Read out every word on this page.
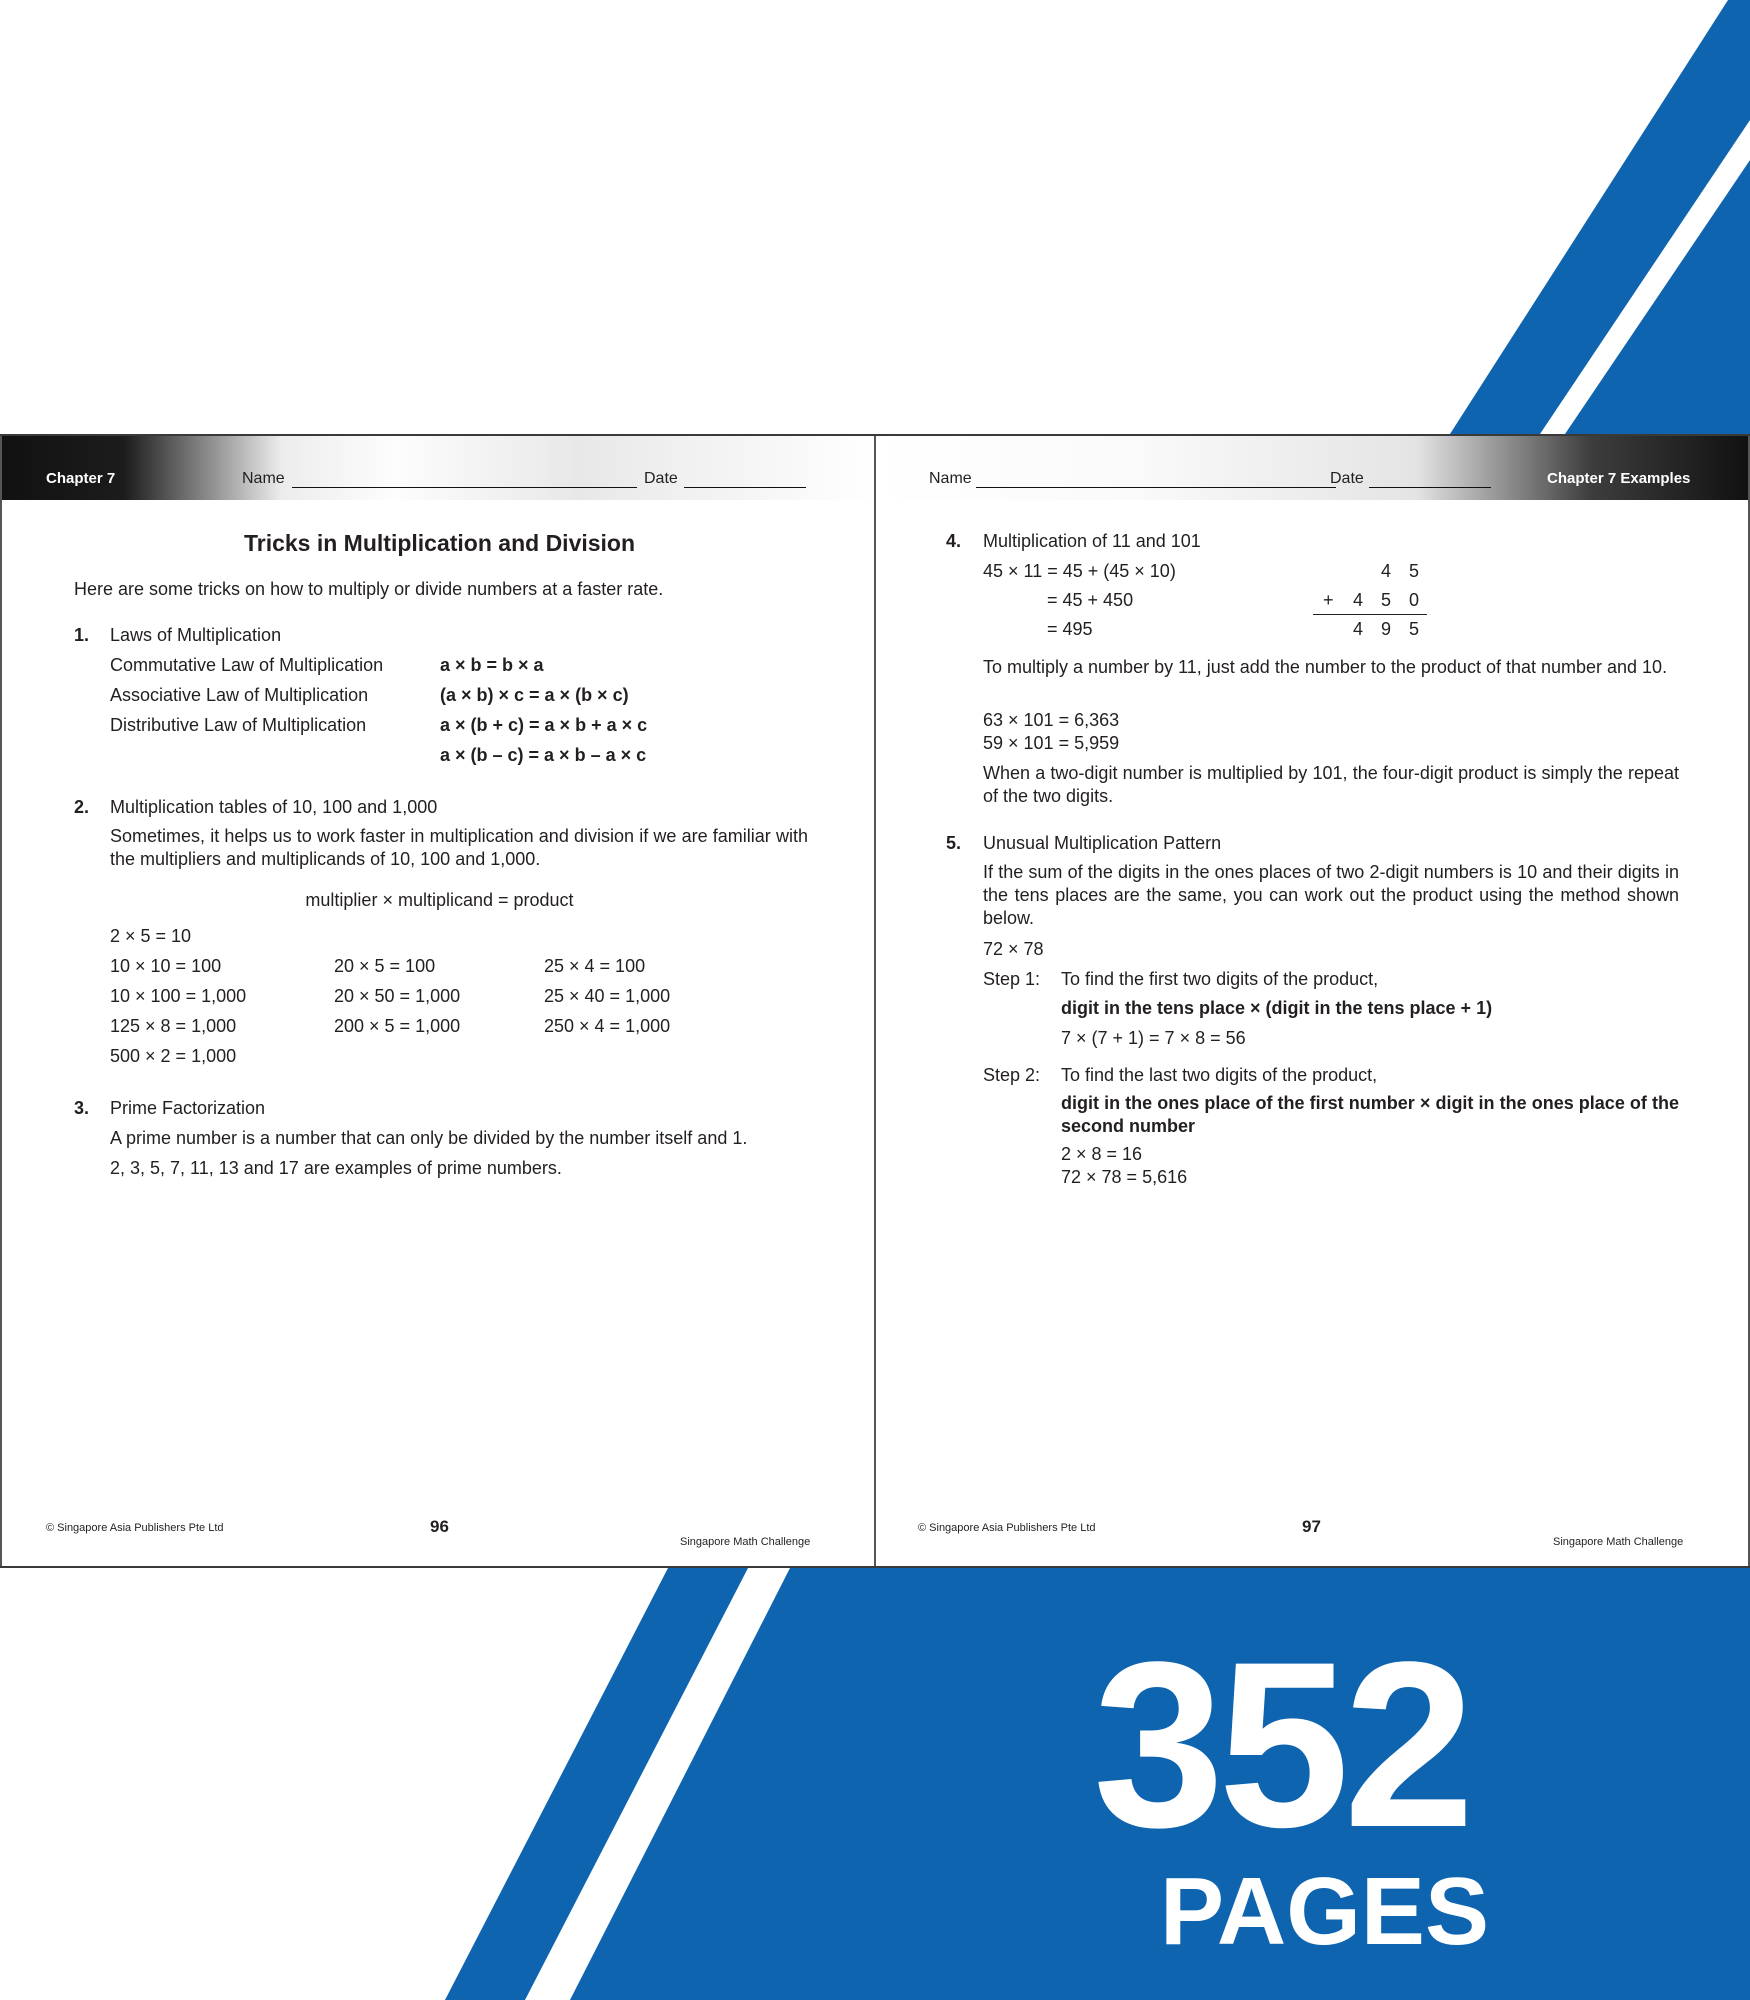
Chapter 7	Name	Date
Tricks in Multiplication and Division
Here are some tricks on how to multiply or divide numbers at a faster rate.
1. Laws of Multiplication
Commutative Law of Multiplication	a × b = b × a
Associative Law of Multiplication	(a × b) × c = a × (b × c)
Distributive Law of Multiplication	a × (b + c) = a × b + a × c
a × (b – c) = a × b – a × c
2. Multiplication tables of 10, 100 and 1,000
Sometimes, it helps us to work faster in multiplication and division if we are familiar with the multipliers and multiplicands of 10, 100 and 1,000.
multiplier × multiplicand = product
2 × 5 = 10
10 × 10 = 100	20 × 5 = 100	25 × 4 = 100
10 × 100 = 1,000	20 × 50 = 1,000	25 × 40 = 1,000
125 × 8 = 1,000	200 × 5 = 1,000	250 × 4 = 1,000
500 × 2 = 1,000
3. Prime Factorization
A prime number is a number that can only be divided by the number itself and 1.
2, 3, 5, 7, 11, 13 and 17 are examples of prime numbers.
© Singapore Asia Publishers Pte Ltd	96
Singapore Math Challenge
Name	Date	Chapter 7 Examples
4. Multiplication of 11 and 101
45 × 11 = 45 + (45 × 10)
= 45 + 450
= 495
4 5
+ 4 5 0
4 9 5
To multiply a number by 11, just add the number to the product of that number and 10.
63 × 101 = 6,363
59 × 101 = 5,959
When a two-digit number is multiplied by 101, the four-digit product is simply the repeat of the two digits.
5. Unusual Multiplication Pattern
If the sum of the digits in the ones places of two 2-digit numbers is 10 and their digits in the tens places are the same, you can work out the product using the method shown below.
72 × 78
Step 1: To find the first two digits of the product,
digit in the tens place × (digit in the tens place + 1)
7 × (7 + 1) = 7 × 8 = 56
Step 2: To find the last two digits of the product,
digit in the ones place of the first number × digit in the ones place of the second number
2 × 8 = 16
72 × 78 = 5,616
© Singapore Asia Publishers Pte Ltd	97
Singapore Math Challenge
352
PAGES
